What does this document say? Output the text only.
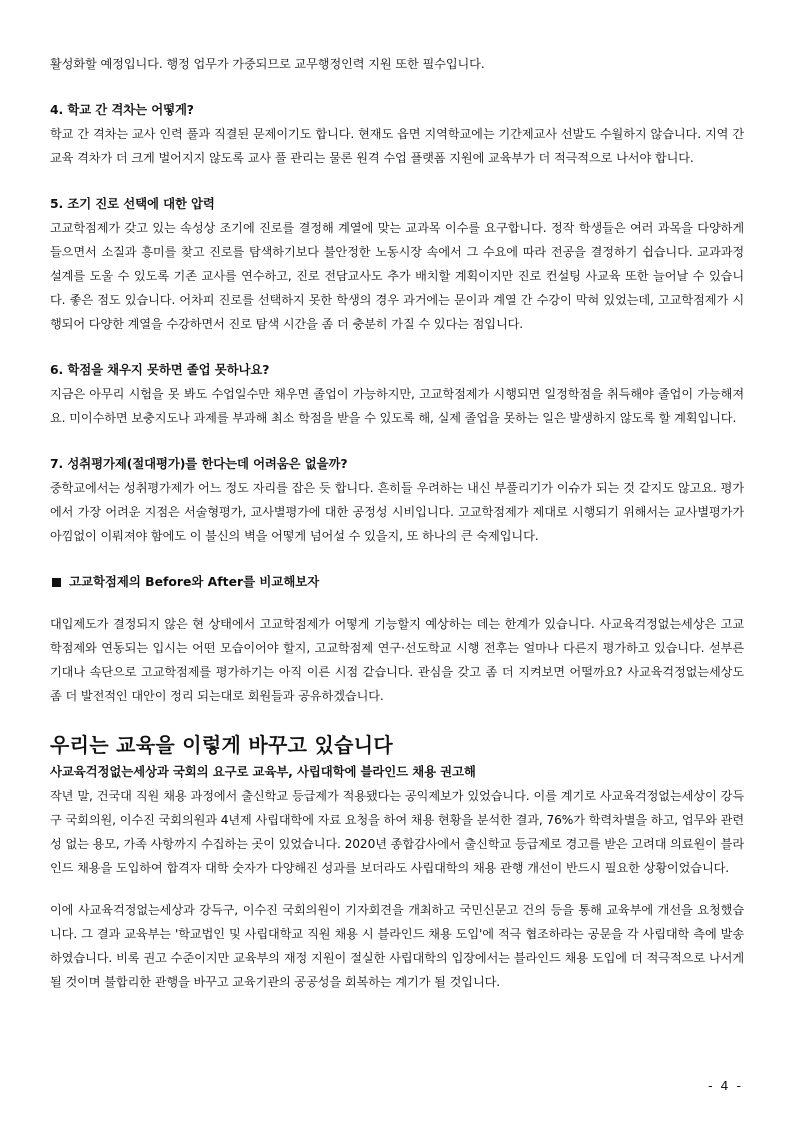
활성화할 예정입니다. 행정 업무가 가중되므로 교무행정인력 지원 또한 필수입니다.

4. 학교 간 격차는 어떻게?

학교 간 격차는 교사 인력 풀과 직결된 문제이기도 합니다. 현재도 읍면 지역학교에는 기간제교사 선발도 수월하지 않습니다. 지역 간 교육 격차가 더 크게 벌어지지 않도록 교사 풀 관리는 물론 원격 수업 플랫폼 지원에 교육부가 더 적극적으로 나서야 합니다.

5. 조기 진로 선택에 대한 압력

고교학점제가 갖고 있는 속성상 조기에 진로를 결정해 계열에 맞는 교과목 이수를 요구합니다. 정작 학생들은 여러 과목을 다양하게 들으면서 소질과 흥미를 찾고 진로를 탐색하기보다 불안정한 노동시장 속에서 그 수요에 따라 전공을 결정하기 쉽습니다. 교과과정 설계를 도울 수 있도록 기존 교사를 연수하고, 진로 전담교사도 추가 배치할 계획이지만 진로 컨설팅 사교육 또한 늘어날 수 있습니다. 좋은 점도 있습니다. 어차피 진로를 선택하지 못한 학생의 경우 과거에는 문이과 계열 간 수강이 막혀 있었는데, 고교학점제가 시행되어 다양한 계열을 수강하면서 진로 탐색 시간을 좀 더 충분히 가질 수 있다는 점입니다.

6. 학점을 채우지 못하면 졸업 못하나요?

지금은 아무리 시험을 못 봐도 수업일수만 채우면 졸업이 가능하지만, 고교학점제가 시행되면 일정학점을 취득해야 졸업이 가능해져요. 미이수하면 보충지도나 과제를 부과해 최소 학점을 받을 수 있도록 해, 실제 졸업을 못하는 일은 발생하지 않도록 할 계획입니다.

7. 성취평가제(절대평가)를 한다는데 어려움은 없을까?

중학교에서는 성취평가제가 어느 정도 자리를 잡은 듯 합니다. 흔히들 우려하는 내신 부풀리기가 이슈가 되는 것 같지도 않고요. 평가에서 가장 어려운 지점은 서술형평가, 교사별평가에 대한 공정성 시비입니다. 고교학점제가 제대로 시행되기 위해서는 교사별평가가 아낌없이 이뤄져야 함에도 이 불신의 벽을 어떻게 넘어설 수 있을지, 또 하나의 큰 숙제입니다.

고교학점제의 Before와 After를 비교해보자

대입제도가 결정되지 않은 현 상태에서 고교학점제가 어떻게 기능할지 예상하는 데는 한계가 있습니다. 사교육걱정없는세상은 고교학점제와 연동되는 입시는 어떤 모습이어야 할지, 고교학점제 연구·선도학교 시행 전후는 얼마나 다른지 평가하고 있습니다. 섣부른 기대나 속단으로 고교학점제를 평가하기는 아직 이른 시점 같습니다. 관심을 갖고 좀 더 지켜보면 어떨까요? 사교육걱정없는세상도 좀 더 발전적인 대안이 정리 되는대로 회원들과 공유하겠습니다.

우리는 교육을 이렇게 바꾸고 있습니다
사교육걱정없는세상과 국회의 요구로 교육부, 사립대학에 블라인드 채용 권고해

작년 말, 건국대 직원 채용 과정에서 출신학교 등급제가 적용됐다는 공익제보가 있었습니다. 이를 계기로 사교육걱정없는세상이 강득구 국회의원, 이수진 국회의원과 4년제 사립대학에 자료 요청을 하여 채용 현황을 분석한 결과, 76%가 학력차별을 하고, 업무와 관련성 없는 용모, 가족 사항까지 수집하는 곳이 있었습니다. 2020년 종합감사에서 출신학교 등급제로 경고를 받은 고려대 의료원이 블라인드 채용을 도입하여 합격자 대학 숫자가 다양해진 성과를 보더라도 사립대학의 채용 관행 개선이 반드시 필요한 상황이었습니다.

이에 사교육걱정없는세상과 강득구, 이수진 국회의원이 기자회견을 개최하고 국민신문고 건의 등을 통해 교육부에 개선을 요청했습니다. 그 결과 교육부는 '학교법인 및 사립대학교 직원 채용 시 블라인드 채용 도입'에 적극 협조하라는 공문을 각 사립대학 측에 발송하였습니다. 비록 권고 수준이지만 교육부의 재정 지원이 절실한 사립대학의 입장에서는 블라인드 채용 도입에 더 적극적으로 나서게 될 것이며 불합리한 관행을 바꾸고 교육기관의 공공성을 회복하는 계기가 될 것입니다.

- 4 -
